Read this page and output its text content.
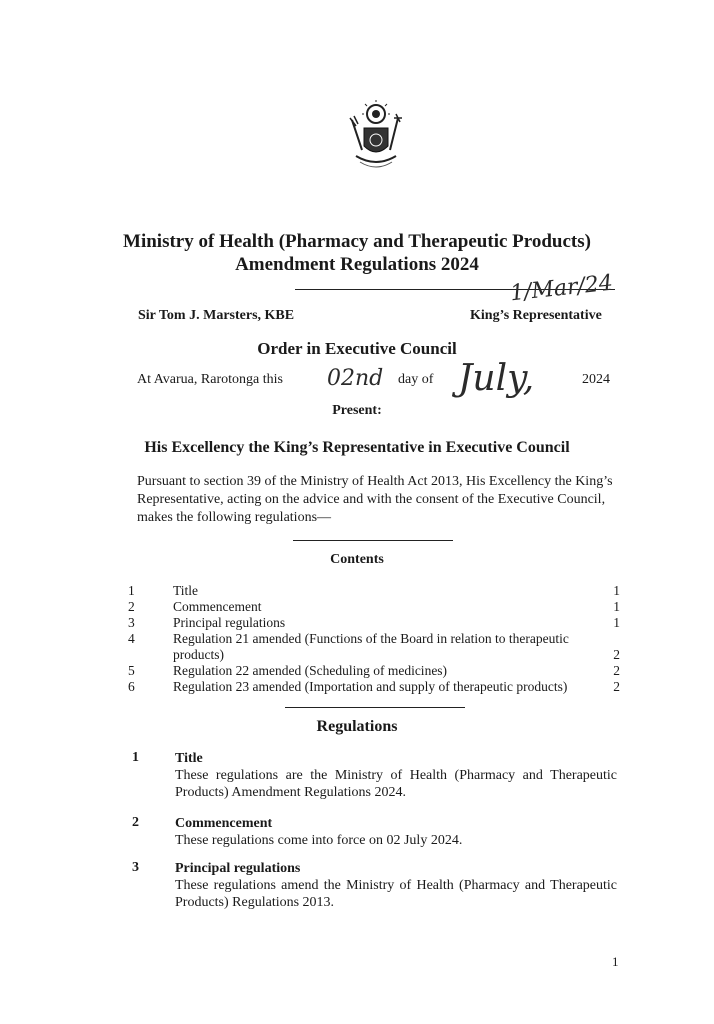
Ministry of Health (Pharmacy and Therapeutic Products)
Amendment Regulations 2024
1/Mar/24
Sir Tom J. Marsters, KBE	King’s Representative
Order in Executive Council
At Avarua, Rarotonga this 02nd day of July,	2024
Present:
His Excellency the King’s Representative in Executive Council
Pursuant to section 39 of the Ministry of Health Act 2013, His Excellency the King’s Representative, acting on the advice and with the consent of the Executive Council, makes the following regulations—
Contents
1	Title	1
2	Commencement	1
3	Principal regulations	1
4	Regulation 21 amended (Functions of the Board in relation to therapeutic products)	2
5	Regulation 22 amended (Scheduling of medicines)	2
6	Regulation 23 amended (Importation and supply of therapeutic products)	2
Regulations
1	Title
These regulations are the Ministry of Health (Pharmacy and Therapeutic Products) Amendment Regulations 2024.
2	Commencement
These regulations come into force on 02 July 2024.
3	Principal regulations
These regulations amend the Ministry of Health (Pharmacy and Therapeutic Products) Regulations 2013.
1
